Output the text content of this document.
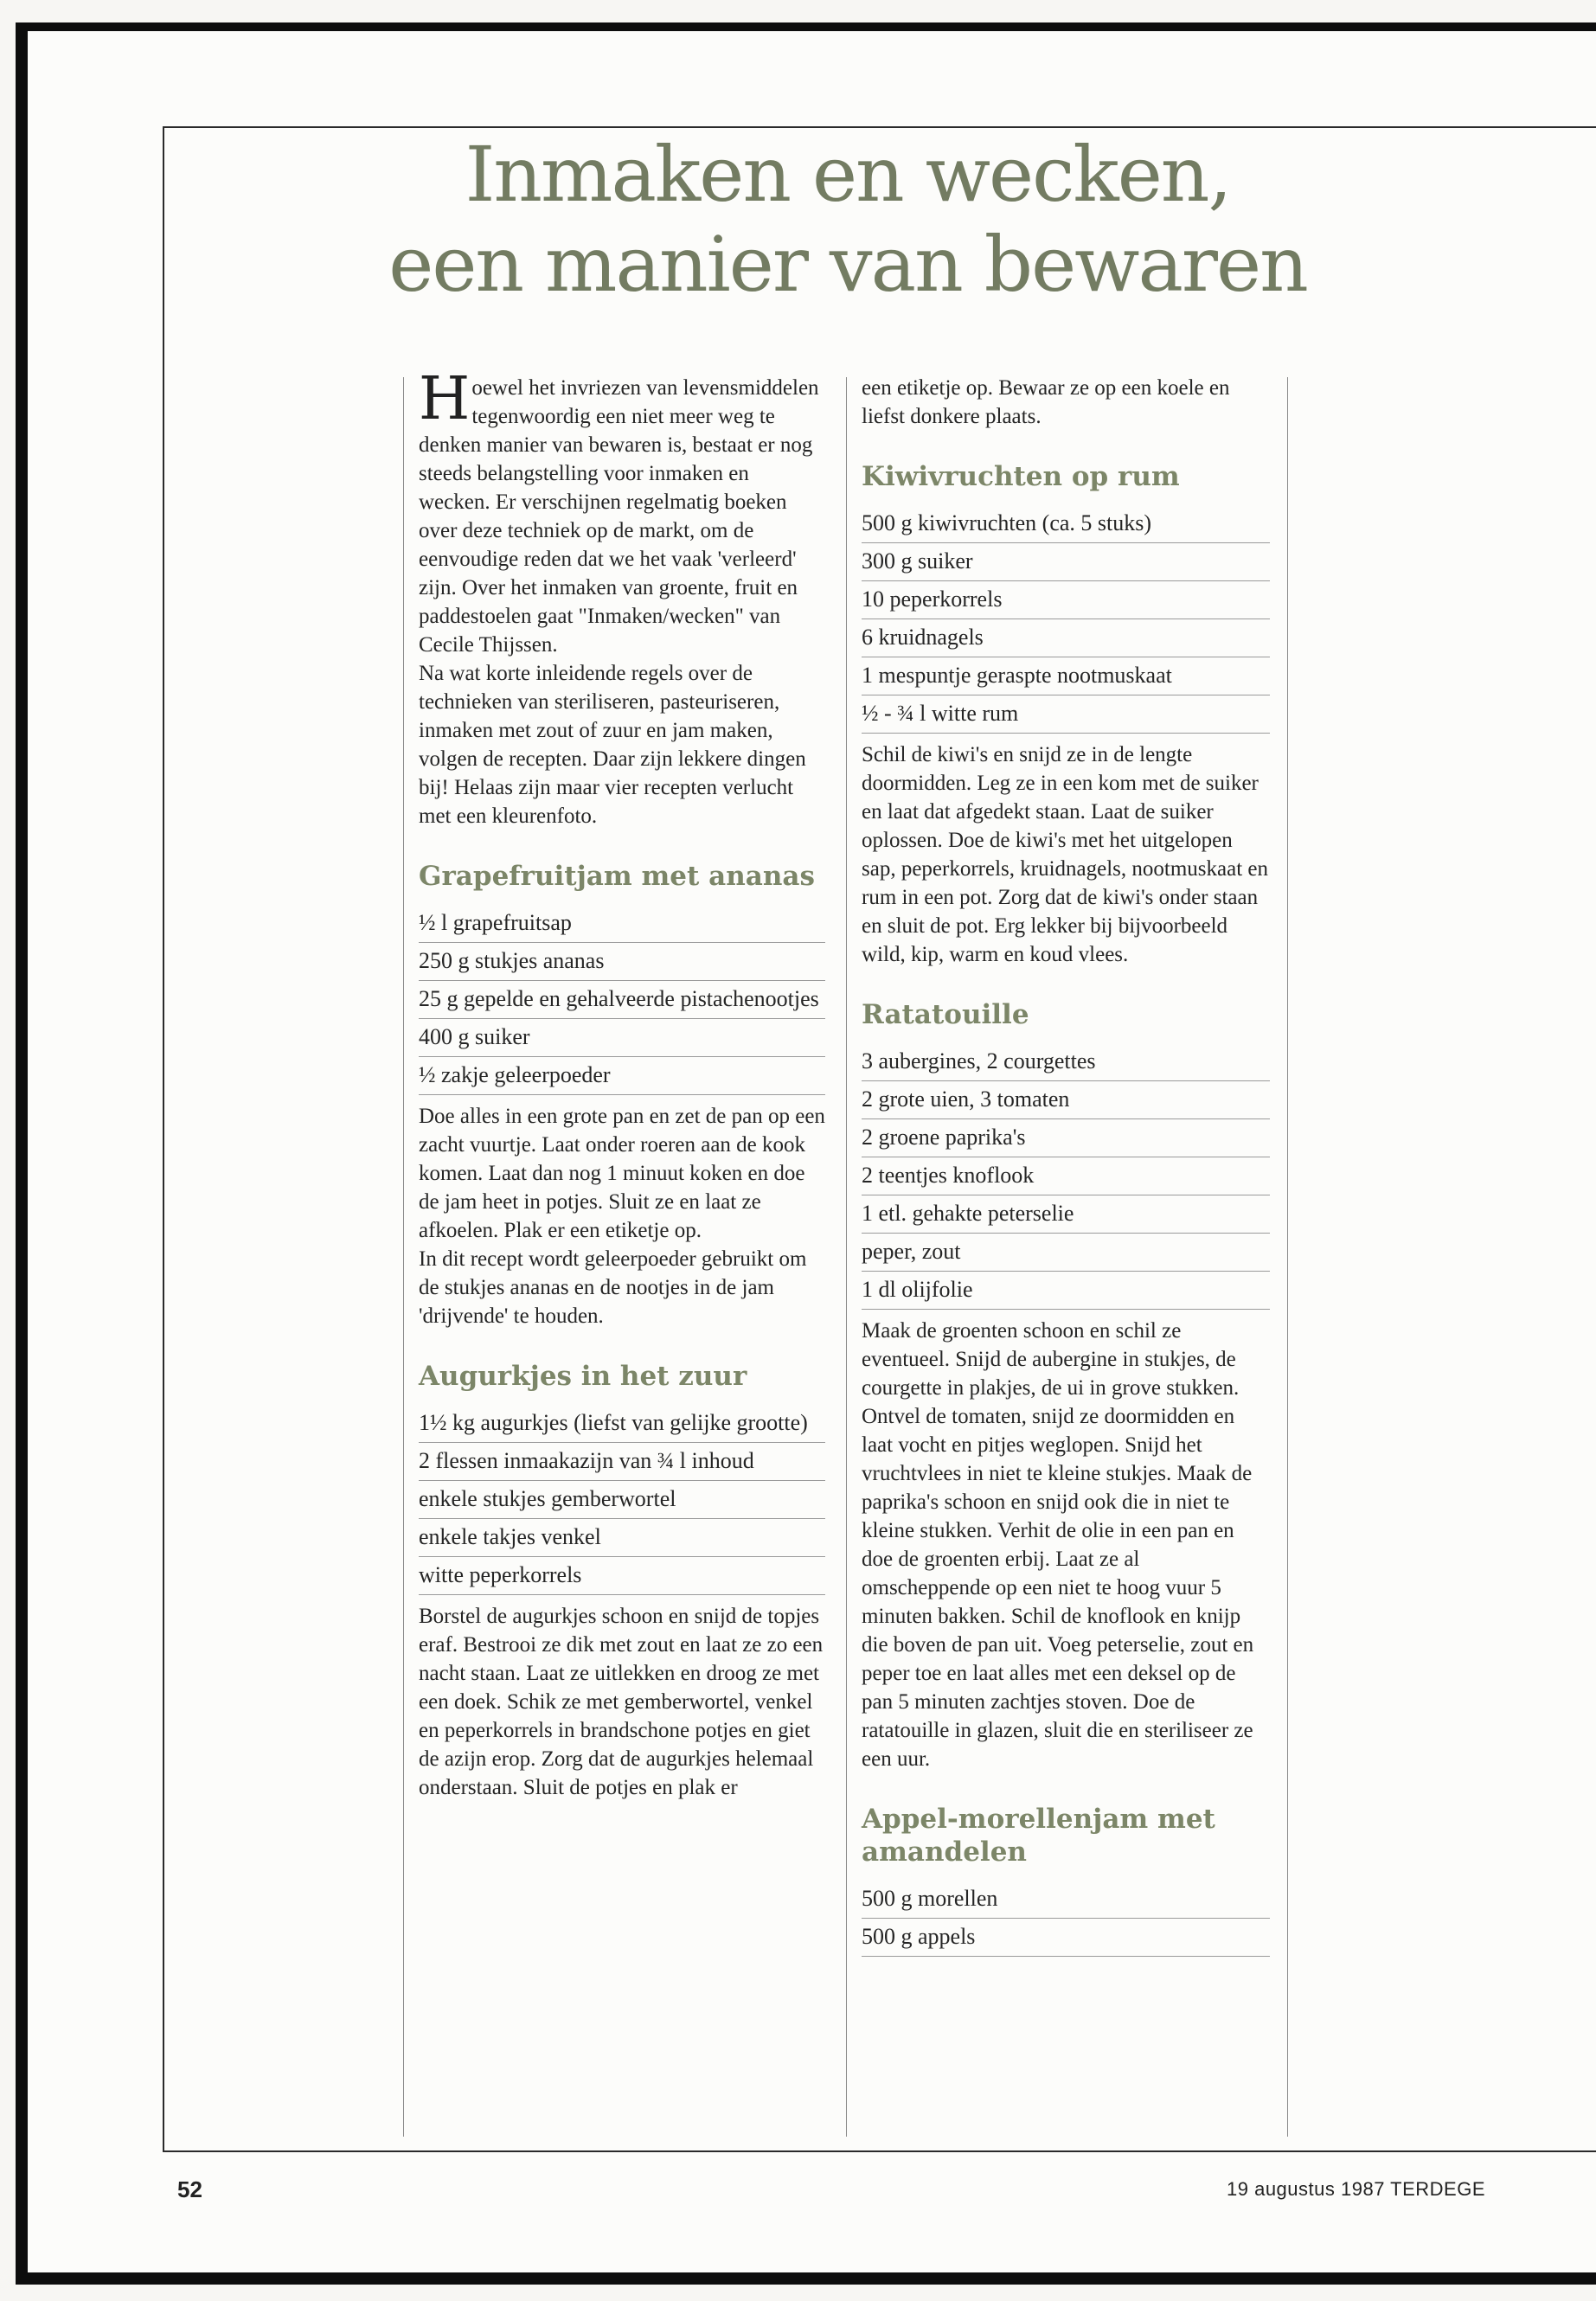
Inmaken en wecken,
een manier van bewaren

Hoewel het invriezen van levensmiddelen tegenwoordig een niet meer weg te denken manier van bewaren is, bestaat er nog steeds belangstelling voor inmaken en wecken. Er verschijnen regelmatig boeken over deze techniek op de markt, om de eenvoudige reden dat we het vaak 'verleerd' zijn. Over het inmaken van groente, fruit en paddestoelen gaat "Inmaken/wecken" van Cecile Thijssen.

Na wat korte inleidende regels over de technieken van steriliseren, pasteuriseren, inmaken met zout of zuur en jam maken, volgen de recepten. Daar zijn lekkere dingen bij! Helaas zijn maar vier recepten verlucht met een kleurenfoto.

Grapefruitjam met ananas
½ l grapefruitsap
250 g stukjes ananas
25 g gepelde en gehalveerde pistachenootjes
400 g suiker
½ zakje geleerpoeder

Doe alles in een grote pan en zet de pan op een zacht vuurtje. Laat onder roeren aan de kook komen. Laat dan nog 1 minuut koken en doe de jam heet in potjes. Sluit ze en laat ze afkoelen. Plak er een etiketje op.

In dit recept wordt geleerpoeder gebruikt om de stukjes ananas en de nootjes in de jam 'drijvende' te houden.

Augurkjes in het zuur
1½ kg augurkjes (liefst van gelijke grootte)
2 flessen inmaakazijn van ¾ l inhoud
enkele stukjes gemberwortel
enkele takjes venkel
witte peperkorrels

Borstel de augurkjes schoon en snijd de topjes eraf. Bestrooi ze dik met zout en laat ze zo een nacht staan. Laat ze uitlekken en droog ze met een doek. Schik ze met gemberwortel, venkel en peperkorrels in brandschone potjes en giet de azijn erop. Zorg dat de augurkjes helemaal onderstaan. Sluit de potjes en plak er

een etiketje op. Bewaar ze op een koele en liefst donkere plaats.

Kiwivruchten op rum
500 g kiwivruchten (ca. 5 stuks)
300 g suiker
10 peperkorrels
6 kruidnagels
1 mespuntje geraspte nootmuskaat
½ - ¾ l witte rum

Schil de kiwi's en snijd ze in de lengte doormidden. Leg ze in een kom met de suiker en laat dat afgedekt staan. Laat de suiker oplossen. Doe de kiwi's met het uitgelopen sap, peperkorrels, kruidnagels, nootmuskaat en rum in een pot. Zorg dat de kiwi's onder staan en sluit de pot. Erg lekker bij bijvoorbeeld wild, kip, warm en koud vlees.

Ratatouille
3 aubergines, 2 courgettes
2 grote uien, 3 tomaten
2 groene paprika's
2 teentjes knoflook
1 etl. gehakte peterselie
peper, zout
1 dl olijfolie

Maak de groenten schoon en schil ze eventueel. Snijd de aubergine in stukjes, de courgette in plakjes, de ui in grove stukken. Ontvel de tomaten, snijd ze doormidden en laat vocht en pitjes weglopen. Snijd het vruchtvlees in niet te kleine stukjes. Maak de paprika's schoon en snijd ook die in niet te kleine stukken. Verhit de olie in een pan en doe de groenten erbij. Laat ze al omscheppende op een niet te hoog vuur 5 minuten bakken. Schil de knoflook en knijp die boven de pan uit. Voeg peterselie, zout en peper toe en laat alles met een deksel op de pan 5 minuten zachtjes stoven. Doe de ratatouille in glazen, sluit die en steriliseer ze een uur.

Appel-morellenjam met amandelen
500 g morellen
500 g appels
52	19 augustus 1987 TERDEGE
